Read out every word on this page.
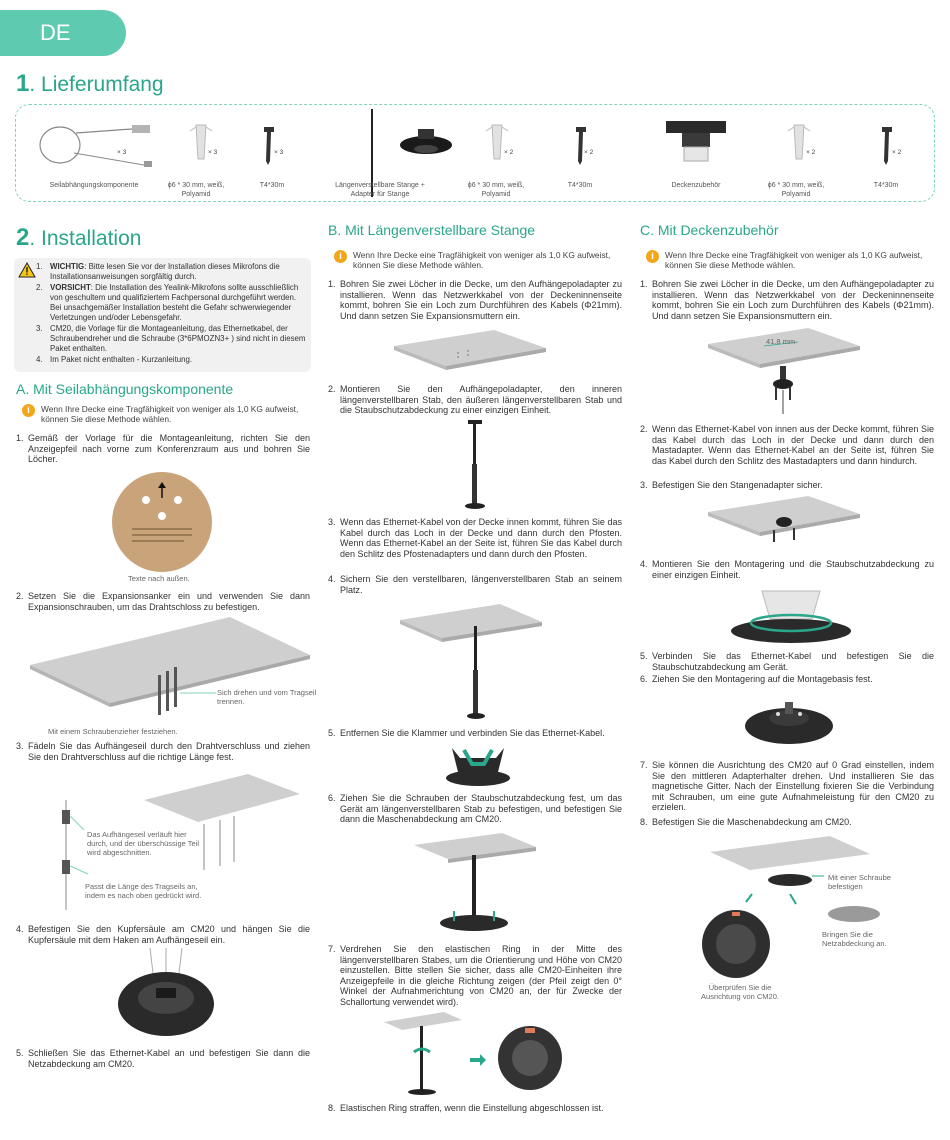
DE
1. Lieferumfang
× 3
Seilabhängungskomponente
× 3
ϕ6 * 30 mm, weiß, Polyamid
× 3
T4*30m	Längenverstellbare Stange + Adapter für Stange
× 2
ϕ6 * 30 mm, weiß, Polyamid
× 2
T4*30m	Deckenzubehör
× 2
ϕ6 * 30 mm, weiß, Polyamid
× 2
T4*30m
2. Installation
1. WICHTIG: Bitte lesen Sie vor der Installation dieses Mikrofons die Installationsanweisungen sorgfältig durch.
2. VORSICHT: Die Installation des Yealink-Mikrofons sollte ausschließlich von geschultem und qualifiziertem Fachpersonal durchgeführt werden. Bei unsachgemäßer Installation besteht die Gefahr schwerwiegender Verletzungen und/oder Lebensgefahr.
3. CM20, die Vorlage für die Montageanleitung, das Ethernetkabel, der Schraubendreher und die Schraube (3*6PMOZN3+ ) sind nicht in diesem Paket enthalten.
4. Im Paket nicht enthalten - Kurzanleitung.
A. Mit Seilabhängungskomponente
i	Wenn Ihre Decke eine Tragfähigkeit von weniger als 1,0 KG aufweist, können Sie diese Methode wählen.
1. Gemäß der Vorlage für die Montageanleitung, richten Sie den Anzeigepfeil nach vorne zum Konferenzraum aus und bohren Sie Löcher.
Texte nach außen.
2. Setzen Sie die Expansionsanker ein und verwenden Sie dann Expansionschrauben, um das Drahtschloss zu befestigen.
Sich drehen und vom Tragseil trennen.
Mit einem Schraubenzieher festziehen.
3. Fädeln Sie das Aufhängeseil durch den Drahtverschluss und ziehen Sie den Drahtverschluss auf die richtige Länge fest.
Das Aufhängeseil verläuft hier durch, und der überschüssige Teil wird abgeschnitten.
Passt die Länge des Tragseils an, indem es nach oben gedrückt wird.
4. Befestigen Sie den Kupfersäule am CM20 und hängen Sie die Kupfersäule mit dem Haken am Aufhängeseil ein.
5. Schließen Sie das Ethernet-Kabel an und befestigen Sie dann die Netzabdeckung am CM20.
B. Mit Längenverstellbare Stange
i	Wenn Ihre Decke eine Tragfähigkeit von weniger als 1,0 KG aufweist, können Sie diese Methode wählen.
1. Bohren Sie zwei Löcher in die Decke, um den Aufhängepoladapter zu installieren. Wenn das Netzwerkkabel von der Deckeninnenseite kommt, bohren Sie ein Loch zum Durchführen des Kabels (Φ21mm). Und dann setzen Sie Expansionsmuttern ein.
2. Montieren Sie den Aufhängepoladapter, den inneren längenverstellbaren Stab, den äußeren längenverstellbaren Stab und die Staubschutzabdeckung zu einer einzigen Einheit.
3. Wenn das Ethernet-Kabel von der Decke innen kommt, führen Sie das Kabel durch das Loch in der Decke und dann durch den Pfosten. Wenn das Ethernet-Kabel an der Seite ist, führen Sie das Kabel durch den Schlitz des Pfostenadapters und dann durch den Pfosten.
4. Sichern Sie den verstellbaren, längenverstellbaren Stab an seinem Platz.
5. Entfernen Sie die Klammer und verbinden Sie das Ethernet-Kabel.
6. Ziehen Sie die Schrauben der Staubschutzabdeckung fest, um das Gerät am längenverstellbaren Stab zu befestigen, und befestigen Sie dann die Maschenabdeckung am CM20.
7. Verdrehen Sie den elastischen Ring in der Mitte des längenverstellbaren Stabes, um die Orientierung und Höhe von CM20 einzustellen. Bitte stellen Sie sicher, dass alle CM20-Einheiten ihre Anzeigepfeile in die gleiche Richtung zeigen (der Pfeil zeigt den 0° Winkel der Aufnahmerichtung von CM20 an, der für Zwecke der Schallortung verwendet wird).
8. Elastischen Ring straffen, wenn die Einstellung abgeschlossen ist.
C. Mit Deckenzubehör
i	Wenn Ihre Decke eine Tragfähigkeit von weniger als 1,0 KG aufweist, können Sie diese Methode wählen.
1. Bohren Sie zwei Löcher in die Decke, um den Aufhängepoladapter zu installieren. Wenn das Netzwerkkabel von der Deckeninnenseite kommt, bohren Sie ein Loch zum Durchführen des Kabels (Φ21mm). Und dann setzen Sie Expansionsmuttern ein.
41.8 mm
2. Wenn das Ethernet-Kabel von innen aus der Decke kommt, führen Sie das Kabel durch das Loch in der Decke und dann durch den Mastadapter. Wenn das Ethernet-Kabel an der Seite ist, führen Sie das Kabel durch den Schlitz des Mastadapters und dann hindurch.
3. Befestigen Sie den Stangenadapter sicher.
4. Montieren Sie den Montagering und die Staubschutzabdeckung zu einer einzigen Einheit.
5. Verbinden Sie das Ethernet-Kabel und befestigen Sie die Staubschutzabdeckung am Gerät.
6. Ziehen Sie den Montagering auf die Montagebasis fest.
7. Sie können die Ausrichtung des CM20 auf 0 Grad einstellen, indem Sie den mittleren Adapterhalter drehen. Und installieren Sie das magnetische Gitter. Nach der Einstellung fixieren Sie die Verbindung mit Schrauben, um eine gute Aufnahmeleistung für den CM20 zu erzielen.
8. Befestigen Sie die Maschenabdeckung am CM20.
Mit einer Schraube befestigen
Bringen Sie die Netzabdeckung an.
Überprüfen Sie die Ausrichtung von CM20.
